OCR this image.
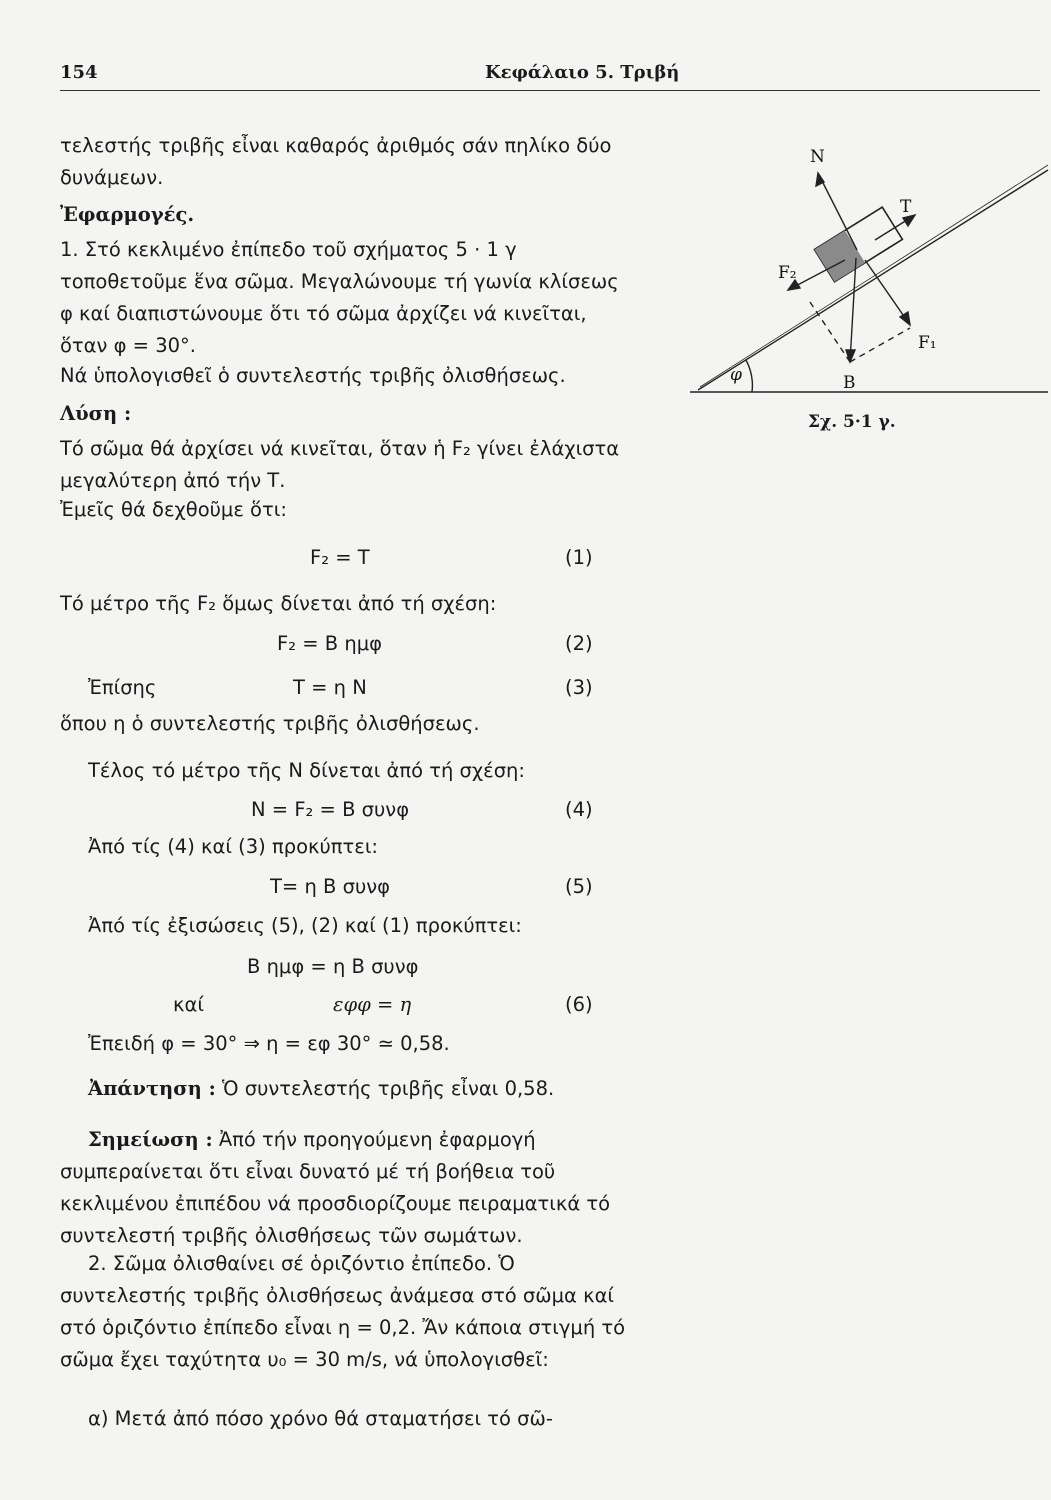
154	Κεφάλαιο 5. Τριβή

τελεστής τριβῆς εἶναι καθαρός ἀριθμός σάν πηλίκο δύο δυνάμεων.

Ἐφαρμογές.

1. Στό κεκλιμένο ἐπίπεδο τοῦ σχήματος 5 · 1 γ τοποθετοῦμε ἕνα σῶμα. Μεγαλώνουμε τή γωνία κλίσεως φ καί διαπιστώνουμε ὅτι τό σῶμα ἀρχίζει νά κινεῖται, ὅταν φ = 30°.

Νά ὑπολογισθεῖ ὁ συντελεστής τριβῆς ὀλισθήσεως.
Λύση :

Τό σῶμα θά ἀρχίσει νά κινεῖται, ὅταν ἡ F₂ γίνει ἐλάχιστα μεγαλύτερη ἀπό τήν Τ.

Ἐμεῖς θά δεχθοῦμε ὅτι:
F₂ = T	(1)
Τό μέτρο τῆς F₂ ὅμως δίνεται ἀπό τή σχέση:
F₂ = Β ημφ	(2)
Ἐπίσης	T = η Ν	(3)
ὅπου η ὁ συντελεστής τριβῆς ὀλισθήσεως.
Τέλος τό μέτρο τῆς Ν δίνεται ἀπό τή σχέση:
N = F₂ = Β συνφ	(4)
Ἀπό τίς (4) καί (3) προκύπτει:
T= η Β συνφ	(5)
Ἀπό τίς ἐξισώσεις (5), (2) καί (1) προκύπτει:
Β ημφ = η Β συνφ
καί	εφφ = η	(6)
Ἐπειδή φ = 30° ⇒ η = εφ 30° ≃ 0,58.
Ἀπάντηση : Ὁ συντελεστής τριβῆς εἶναι 0,58.

Σημείωση : Ἀπό τήν προηγούμενη ἐφαρμογή συμπεραίνεται ὅτι εἶναι δυνατό μέ τή βοήθεια τοῦ κεκλιμένου ἐπιπέδου νά προσδιορίζουμε πειραματικά τό συντελεστή τριβῆς ὀλισθήσεως τῶν σωμάτων.

2. Σῶμα ὀλισθαίνει σέ ὁριζόντιο ἐπίπεδο. Ὁ συντελεστής τριβῆς ὀλισθήσεως ἀνάμεσα στό σῶμα καί στό ὁριζόντιο ἐπίπεδο εἶναι η = 0,2. Ἄν κάποια στιγμή τό σῶμα ἔχει ταχύτητα υ₀ = 30 m/s, νά ὑπολογισθεῖ:

α) Μετά ἀπό πόσο χρόνο θά σταματήσει τό σῶ-
N
T
F₂
F₁
B
φ
Σχ. 5·1 γ.
